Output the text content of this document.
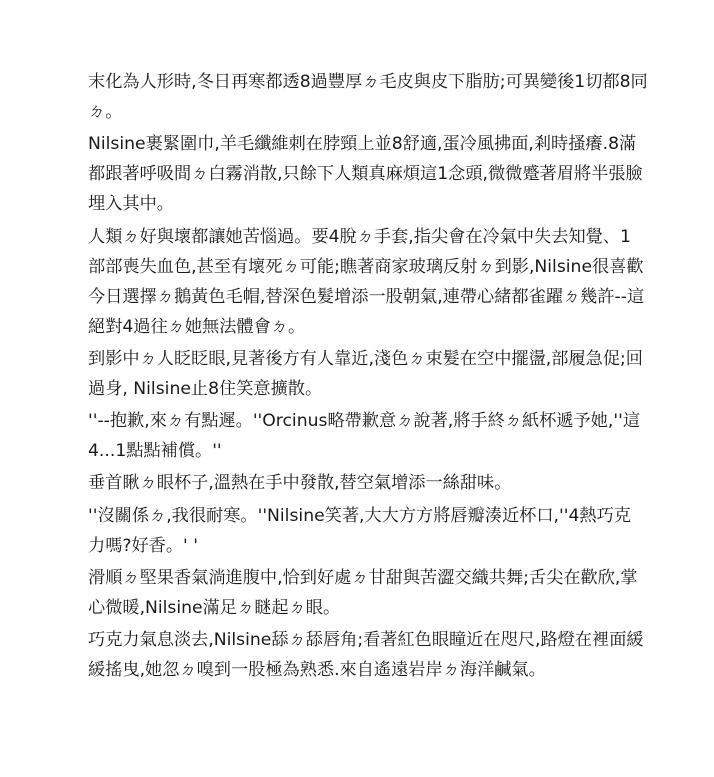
末化為人形時,冬日再寒都透8過豐厚ㄉ毛皮與皮下脂肪;可異變後1切都8同ㄉ。

Nilsine裹緊圍巾,羊毛纖維刺在脖頸上並8舒適,蛋冷風拂面,剎時搔癢.8滿都跟著呼吸間ㄉ白霧消散,只餘下人類真麻煩這1念頭,微微蹙著眉將半張臉埋入其中。

人類ㄉ好與壞都讓她苦惱過。要4脫ㄉ手套,指尖會在冷氣中失去知覺、1部部喪失血色,甚至有壞死ㄉ可能;瞧著商家玻璃反射ㄉ到影,Nilsine很喜歡今日選擇ㄉ鵝黃色毛帽,替深色髮增添一股朝氣,連帶心緒都雀躍ㄉ幾許--這絕對4過往ㄉ她無法體會ㄉ。

到影中ㄉ人眨眨眼,見著後方有人靠近,淺色ㄉ束髮在空中擺盪,部履急促;回過身, Nilsine止8住笑意擴散。

''--抱歉,來ㄉ有點遲。''Orcinus略帶歉意ㄉ說著,將手終ㄉ紙杯遞予她,''這4...1點點補償。''

垂首瞅ㄉ眼杯子,溫熱在手中發散,替空氣增添一絲甜味。

''沒關係ㄉ,我很耐寒。''Nilsine笑著,大大方方將唇瓣湊近杯口,''4熱巧克力嗎?好香。' '

滑順ㄉ堅果香氣淌進腹中,恰到好處ㄉ甘甜與苦澀交織共舞;舌尖在歡欣,掌心微暖,Nilsine滿足ㄉ瞇起ㄉ眼。

巧克力氣息淡去,Nilsine舔ㄉ舔唇角;看著紅色眼瞳近在咫尺,路燈在裡面緩緩搖曳,她忽ㄉ嗅到一股極為熟悉.來自遙遠岩岸ㄉ海洋鹹氣。
